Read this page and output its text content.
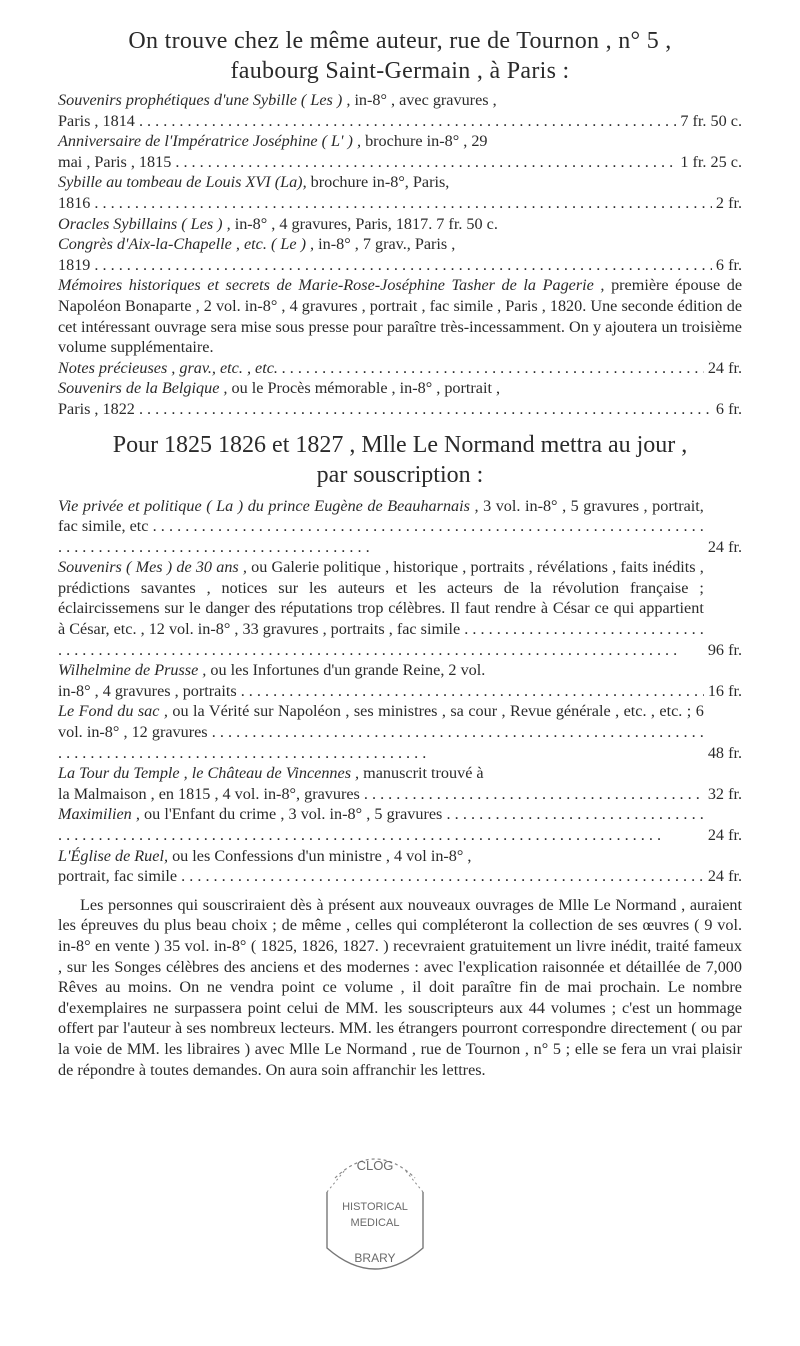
On trouve chez le même auteur, rue de Tournon , n° 5 ,

faubourg Saint-Germain , à Paris :

Souvenirs prophétiques d'une Sybille ( Les ) , in-8° , avec gravures ,
Paris , 1814 . . .	7 fr. 50 c.
Anniversaire de l'Impératrice Joséphine ( L' ) , brochure in-8° , 29
mai , Paris , 1815 . . .	1 fr. 25 c.
Sybille au tombeau de Louis XVI (La), brochure in-8°, Paris,
1816 . . .	2 fr.
Oracles Sybillains ( Les ) , in-8° , 4 gravures, Paris, 1817. 7 fr. 50 c.
Congrès d'Aix-la-Chapelle , etc. ( Le ) , in-8° , 7 grav., Paris ,
1819 . . .	6 fr.
Mémoires historiques et secrets de Marie-Rose-Joséphine Tasher de la Pagerie , première épouse de Napoléon Bonaparte , 2 vol. in-8° , 4 gravures , portrait , fac simile , Paris , 1820. Une seconde édition de cet intéressant ouvrage sera mise sous presse pour paraître très-incessamment. On y ajoutera un troisième volume supplémentaire.
Notes précieuses , grav., etc. , etc. . . .	24 fr.
Souvenirs de la Belgique , ou le Procès mémorable , in-8° , portrait ,
Paris , 1822 . . .	6 fr.

Pour 1825 1826 et 1827 , Mlle Le Normand mettra au jour ,

par souscription :

Vie privée et politique ( La ) du prince Eugène de Beauharnais , 3 vol. in-8° , 5 gravures , portrait, fac simile, etc . . .
24 fr.
Souvenirs ( Mes ) de 30 ans , ou Galerie politique , historique , portraits , révélations , faits inédits , prédictions savantes , notices sur les auteurs et les acteurs de la révolution française ; éclaircissemens sur le danger des réputations trop célèbres. Il faut rendre à César ce qui appartient à César, etc. , 12 vol. in-8° , 33 gravures , portraits , fac simile . . .
96 fr.
Wilhelmine de Prusse , ou les Infortunes d'un grande Reine, 2 vol.
in-8° , 4 gravures , portraits . . .	16 fr.
Le Fond du sac , ou la Vérité sur Napoléon , ses ministres , sa cour , Revue générale , etc. , etc. ; 6 vol. in-8° , 12 gravures . . .
48 fr.
La Tour du Temple , le Château de Vincennes , manuscrit trouvé à
la Malmaison , en 1815 , 4 vol. in-8°, gravures . . .	32 fr.
Maximilien , ou l'Enfant du crime , 3 vol. in-8° , 5 gravures . . .
24 fr.
L'Église de Ruel, ou les Confessions d'un ministre , 4 vol in-8° ,
portrait, fac simile . . .	24 fr.

Les personnes qui souscriraient dès à présent aux nouveaux ouvrages de Mlle Le Normand , auraient les épreuves du plus beau choix ; de même , celles qui compléteront la collection de ses œuvres ( 9 vol. in-8° en vente ) 35 vol. in-8° ( 1825, 1826, 1827. ) recevraient gratuitement un livre inédit, traité fameux , sur les Songes célèbres des anciens et des modernes : avec l'explication raisonnée et détaillée de 7,000 Rêves au moins. On ne vendra point ce volume , il doit paraître fin de mai prochain. Le nombre d'exemplaires ne surpassera point celui de MM. les souscripteurs aux 44 volumes ; c'est un hommage offert par l'auteur à ses nombreux lecteurs. MM. les étrangers pourront correspondre directement ( ou par la voie de MM. les libraires ) avec Mlle Le Normand , rue de Tournon , n° 5 ; elle se fera un vrai plaisir de répondre à toutes demandes. On aura soin affranchir les lettres.

CLOG
HISTORICAL
MEDICAL
BRARY
